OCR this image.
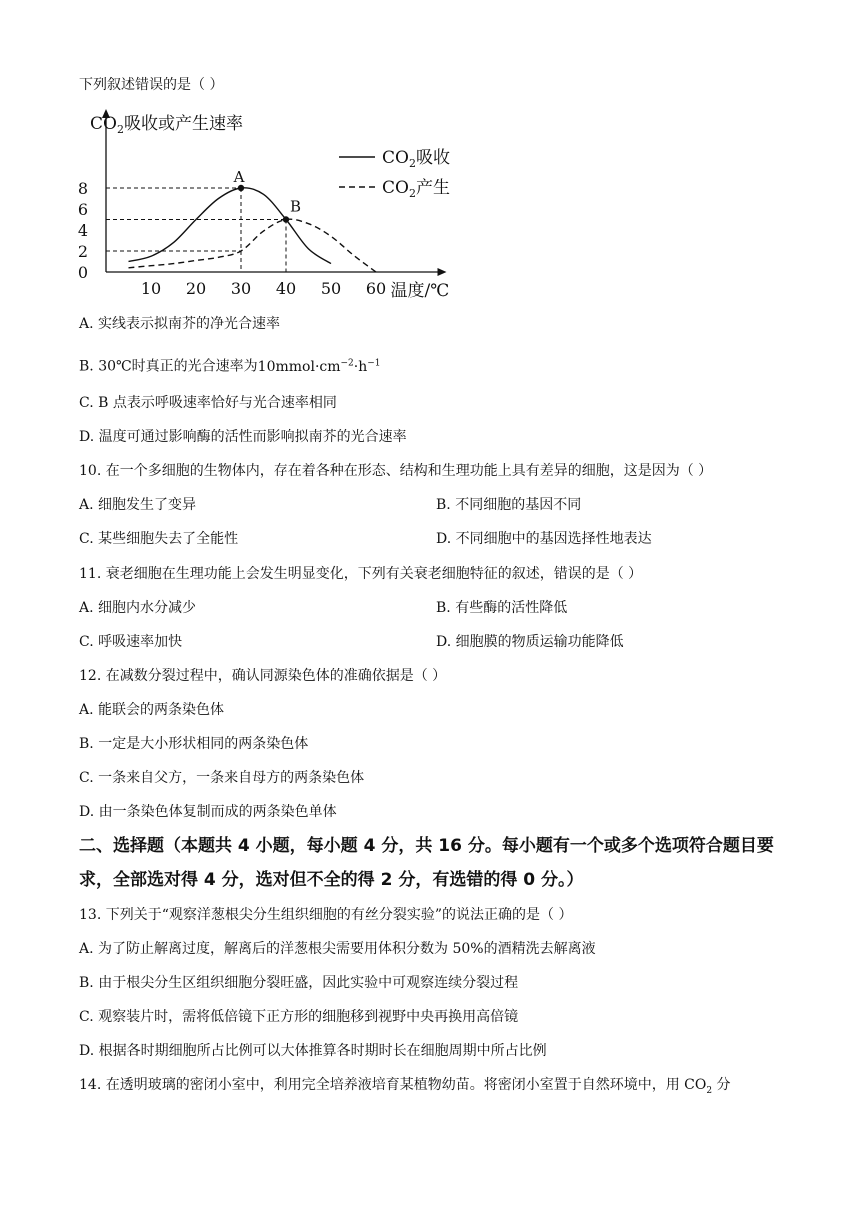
下列叙述错误的是（ ）
$CO_2$吸收或产生速率
温度/℃
10 20 30 40 50 60
0
2
4
6
8
A
B
$CO_2$吸收
$CO_2$产生
A. 实线表示拟南芥的净光合速率
B. 30℃时真正的光合速率为$10mmol\cdot cm^{-2}\cdot h^{-1}$
C. B 点表示呼吸速率恰好与光合速率相同
D. 温度可通过影响酶的活性而影响拟南芥的光合速率
10. 在一个多细胞的生物体内，存在着各种在形态、结构和生理功能上具有差异的细胞，这是因为（ ）
A. 细胞发生了变异	B. 不同细胞的基因不同
C. 某些细胞失去了全能性	D. 不同细胞中的基因选择性地表达
11. 衰老细胞在生理功能上会发生明显变化，下列有关衰老细胞特征的叙述，错误的是（ ）
A. 细胞内水分减少	B. 有些酶的活性降低
C. 呼吸速率加快	D. 细胞膜的物质运输功能降低
12. 在减数分裂过程中，确认同源染色体的准确依据是（ ）
A. 能联会的两条染色体
B. 一定是大小形状相同的两条染色体
C. 一条来自父方，一条来自母方的两条染色体
D. 由一条染色体复制而成的两条染色单体
二、选择题（本题共 4 小题，每小题 4 分，共 16 分。每小题有一个或多个选项符合题目要
求，全部选对得 4 分，选对但不全的得 2 分，有选错的得 0 分。）
13. 下列关于“观察洋葱根尖分生组织细胞的有丝分裂实验”的说法正确的是（ ）
A. 为了防止解离过度，解离后的洋葱根尖需要用体积分数为 50%的酒精洗去解离液
B. 由于根尖分生区组织细胞分裂旺盛，因此实验中可观察连续分裂过程
C. 观察装片时，需将低倍镜下正方形的细胞移到视野中央再换用高倍镜
D. 根据各时期细胞所占比例可以大体推算各时期时长在细胞周期中所占比例
14. 在透明玻璃的密闭小室中，利用完全培养液培育某植物幼苗。将密闭小室置于自然环境中，用 $CO_2$ 分
